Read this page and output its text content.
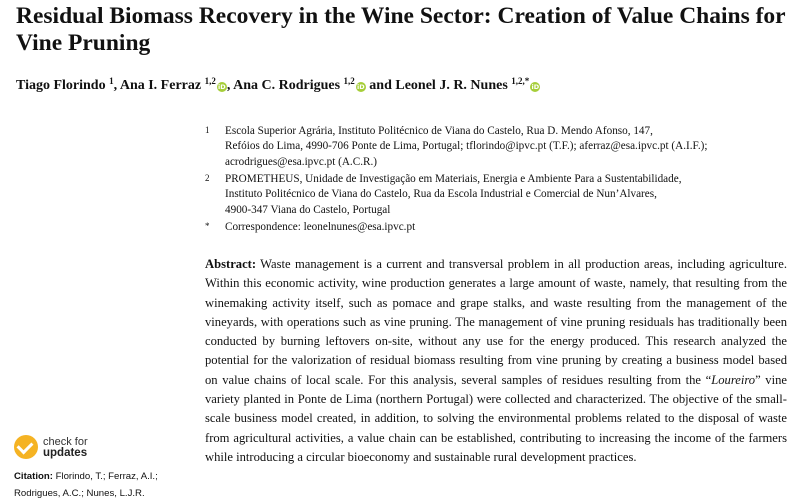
Residual Biomass Recovery in the Wine Sector: Creation of Value Chains for Vine Pruning
Tiago Florindo $^1$, Ana I. Ferraz $^{1,2}$iD, Ana C. Rodrigues $^{1,2}$iD and Leonel J. R. Nunes $^{1,2,*}$iD
1 Escola Superior Agrária, Instituto Politécnico de Viana do Castelo, Rua D. Mendo Afonso, 147,
Refóios do Lima, 4990-706 Ponte de Lima, Portugal; tflorindo@ipvc.pt (T.F.); aferraz@esa.ipvc.pt (A.I.F.);
acrodrigues@esa.ipvc.pt (A.C.R.)
2 PROMETHEUS, Unidade de Investigação em Materiais, Energia e Ambiente Para a Sustentabilidade,
Instituto Politécnico de Viana do Castelo, Rua da Escola Industrial e Comercial de Nun’Alvares,
4900-347 Viana do Castelo, Portugal
* Correspondence: leonelnunes@esa.ipvc.pt

Abstract: Waste management is a current and transversal problem in all production areas, including agriculture. Within this economic activity, wine production generates a large amount of waste, namely, that resulting from the winemaking activity itself, such as pomace and grape stalks, and waste resulting from the management of the vineyards, with operations such as vine pruning. The management of vine pruning residuals has traditionally been conducted by burning leftovers on-site, without any use for the energy produced. This research analyzed the potential for the valorization of residual biomass resulting from vine pruning by creating a business model based on value chains of local scale. For this analysis, several samples of residues resulting from the “Loureiro” vine variety planted in Ponte de Lima (northern Portugal) were collected and characterized. The objective of the small-scale business model created, in addition, to solving the environmental problems related to the disposal of waste from agricultural activities, a value chain can be established, contributing to increasing the income of the farmers while introducing a circular bioeconomy and sustainable rural development practices.

check for
updates
Citation: Florindo, T.; Ferraz, A.I.;
Rodrigues, A.C.; Nunes, L.J.R.
